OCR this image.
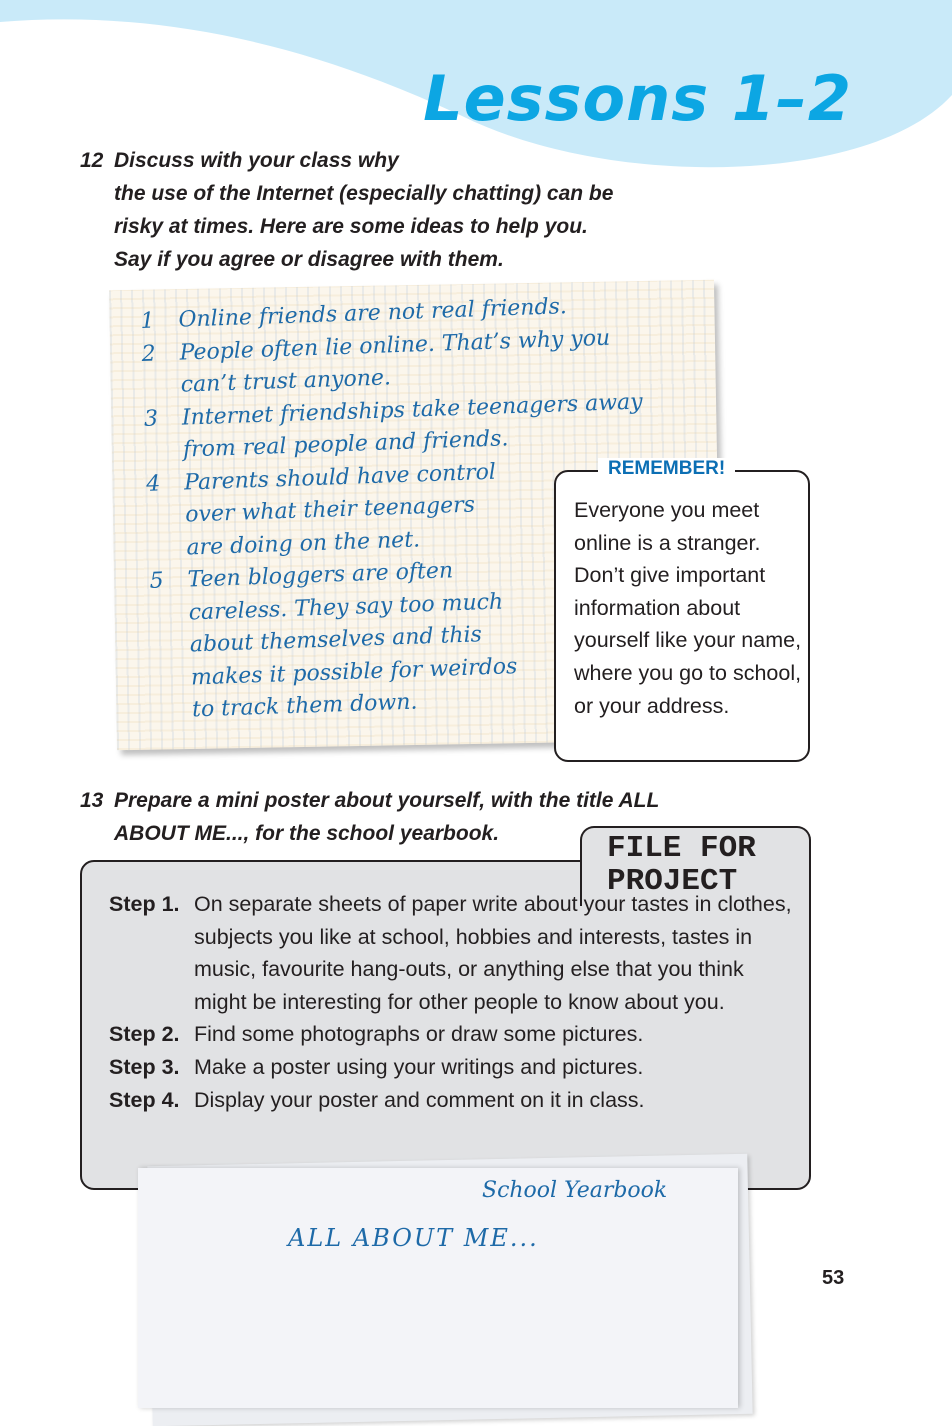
Lessons 1–2
12 Discuss with your class why
the use of the Internet (especially chatting) can be
risky at times. Here are some ideas to help you.
Say if you agree or disagree with them.
1	Online friends are not real friends.
2	People often lie online. That’s why you
can’t trust anyone.
3	Internet friendships take teenagers away
from real people and friends.
4	Parents should have control
over what their teenagers
are doing on the net.
5	Teen bloggers are often
careless. They say too much
about themselves and this
makes it possible for weirdos
to track them down.
REMEMBER!

Everyone you meet online is a stranger. Don’t give important information about yourself like your name, where you go to school, or your address.

13 Prepare a mini poster about yourself, with the title ALL
ABOUT ME..., for the school yearbook.	FILE FOR
PROJECT

Step 1. On separate sheets of paper write about your tastes in clothes, subjects you like at school, hobbies and interests, tastes in music, favourite hang-outs, or anything else that you think might be interesting for other people to know about you.
Step 2. Find some photographs or draw some pictures.
Step 3. Make a poster using your writings and pictures.
Step 4. Display your poster and comment on it in class.

School Yearbook

ALL ABOUT ME...

53
